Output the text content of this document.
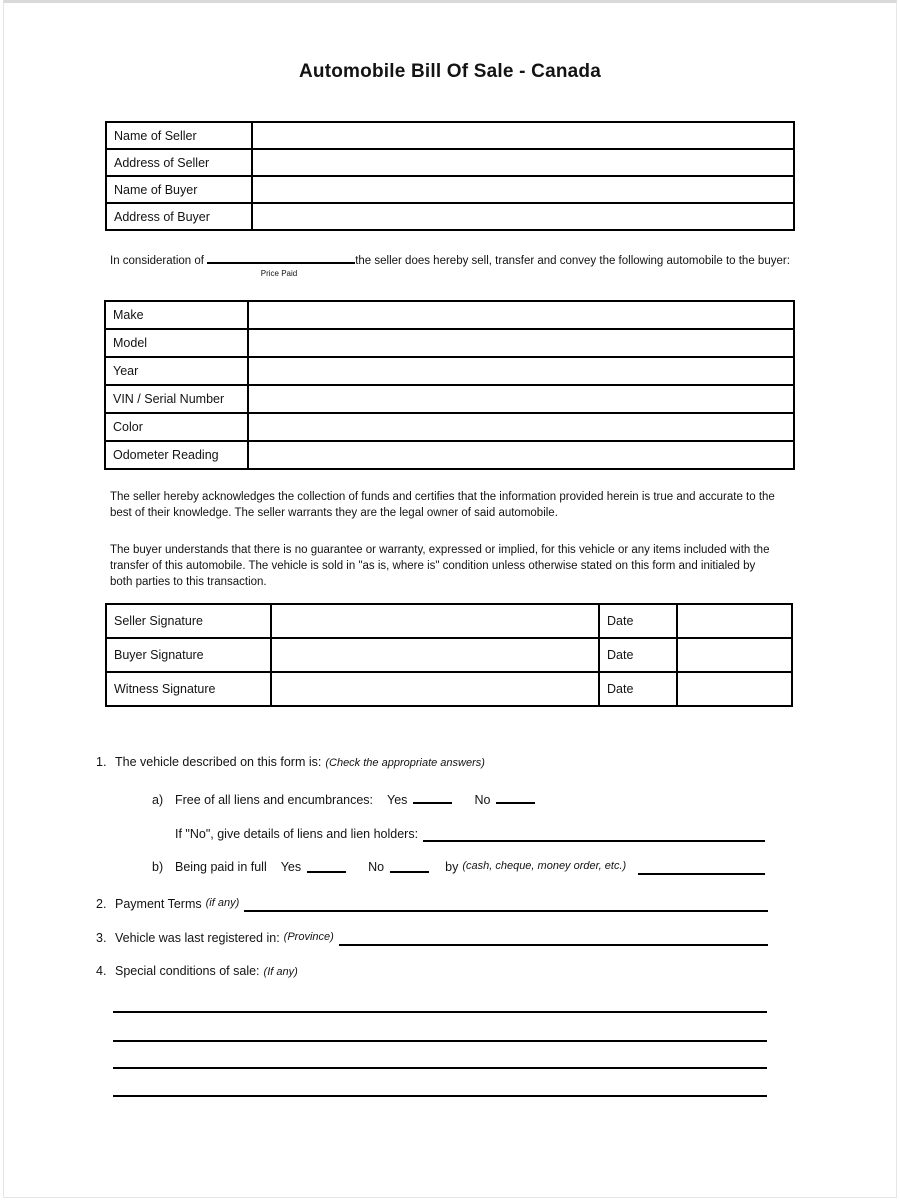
Automobile Bill Of Sale - Canada
Name of Seller	
Address of Seller	
Name of Buyer	
Address of Buyer	
In consideration of	the seller does hereby sell, transfer and convey the following automobile to the buyer:
Price Paid
Make	
Model	
Year	
VIN / Serial Number	
Color	
Odometer Reading	
The seller hereby acknowledges the collection of funds and certifies that the information provided herein is true and accurate to the best of their knowledge. The seller warrants they are the legal owner of said automobile.
The buyer understands that there is no guarantee or warranty, expressed or implied, for this vehicle or any items included with the transfer of this automobile. The vehicle is sold in "as is, where is" condition unless otherwise stated on this form and initialed by both parties to this transaction.
Seller Signature		Date	
Buyer Signature		Date	
Witness Signature		Date	
1. The vehicle described on this form is: (Check the appropriate answers)
a) Free of all liens and encumbrances: Yes	No
If "No", give details of liens and lien holders:
b) Being paid in full Yes	No	by (cash, cheque, money order, etc.)
2. Payment Terms (if any)
3. Vehicle was last registered in: (Province)
4. Special conditions of sale: (If any)
